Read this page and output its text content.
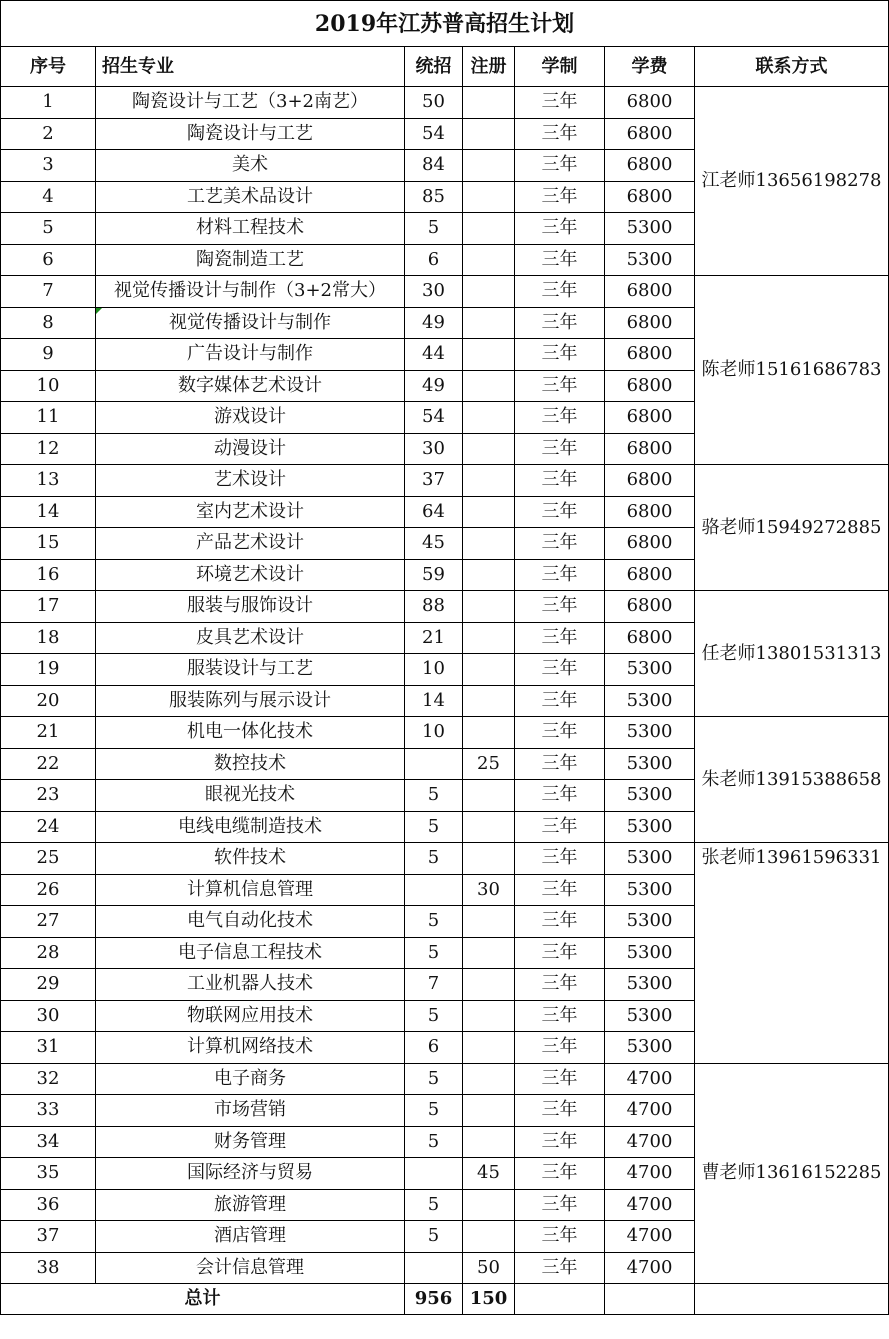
2019年江苏普高招生计划						
序号	招生专业	统招	注册	学制	学费	联系方式
1	陶瓷设计与工艺（3+2南艺）	50		三年	6800	江老师13656198278
2	陶瓷设计与工艺	54		三年	6800	
3	美术	84		三年	6800	
4	工艺美术品设计	85		三年	6800	
5	材料工程技术	5		三年	5300	
6	陶瓷制造工艺	6		三年	5300	
7	视觉传播设计与制作（3+2常大）	30		三年	6800	陈老师15161686783
8	视觉传播设计与制作	49		三年	6800	
9	广告设计与制作	44		三年	6800	
10	数字媒体艺术设计	49		三年	6800	
11	游戏设计	54		三年	6800	
12	动漫设计	30		三年	6800	
13	艺术设计	37		三年	6800	骆老师15949272885
14	室内艺术设计	64		三年	6800	
15	产品艺术设计	45		三年	6800	
16	环境艺术设计	59		三年	6800	
17	服装与服饰设计	88		三年	6800	任老师13801531313
18	皮具艺术设计	21		三年	6800	
19	服装设计与工艺	10		三年	5300	
20	服装陈列与展示设计	14		三年	5300	
21	机电一体化技术	10		三年	5300	朱老师13915388658
22	数控技术		25	三年	5300	
23	眼视光技术	5		三年	5300	
24	电线电缆制造技术	5		三年	5300	
25	软件技术	5		三年	5300	张老师13961596331
26	计算机信息管理		30	三年	5300	
27	电气自动化技术	5		三年	5300	
28	电子信息工程技术	5		三年	5300	
29	工业机器人技术	7		三年	5300	
30	物联网应用技术	5		三年	5300	
31	计算机网络技术	6		三年	5300	
32	电子商务	5		三年	4700	曹老师13616152285
33	市场营销	5		三年	4700	
34	财务管理	5		三年	4700	
35	国际经济与贸易		45	三年	4700	
36	旅游管理	5		三年	4700	
37	酒店管理	5		三年	4700	
38	会计信息管理		50	三年	4700	
总计		956	150			
